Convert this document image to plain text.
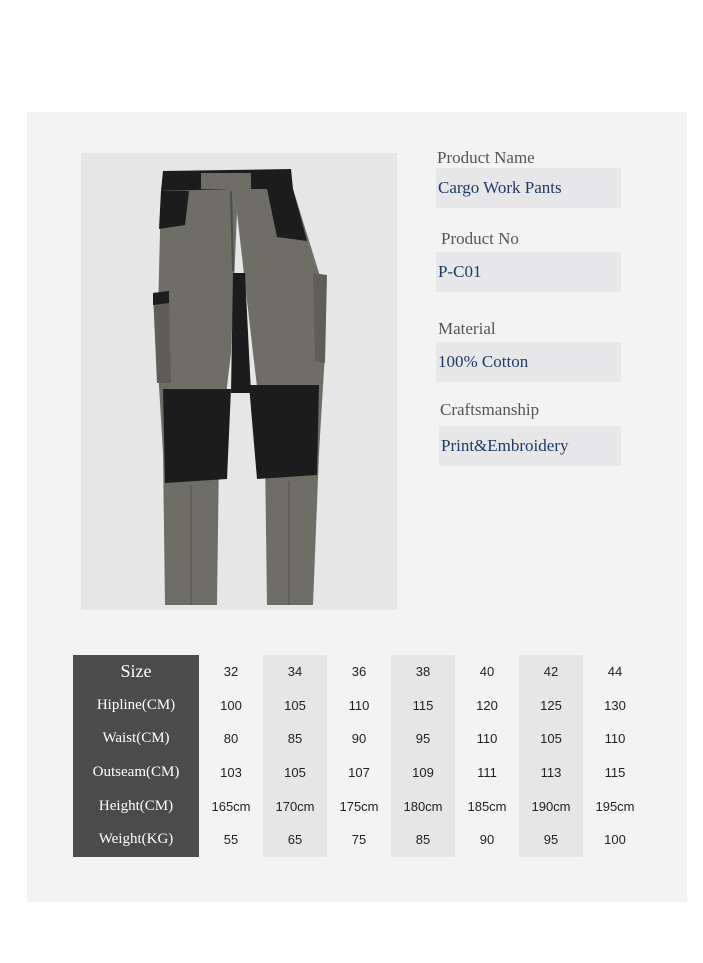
Product Name
Cargo Work Pants
Product No
P-C01
Material
100% Cotton
Craftsmanship
Print&Embroidery
Size	32	34	36	38	40	42	44
Hipline(CM)	100	105	110	115	120	125	130
Waist(CM)	80	85	90	95	110	105	110
Outseam(CM)	103	105	107	109	111	113	115
Height(CM)	165cm	170cm	175cm	180cm	185cm	190cm	195cm
Weight(KG)	55	65	75	85	90	95	100
